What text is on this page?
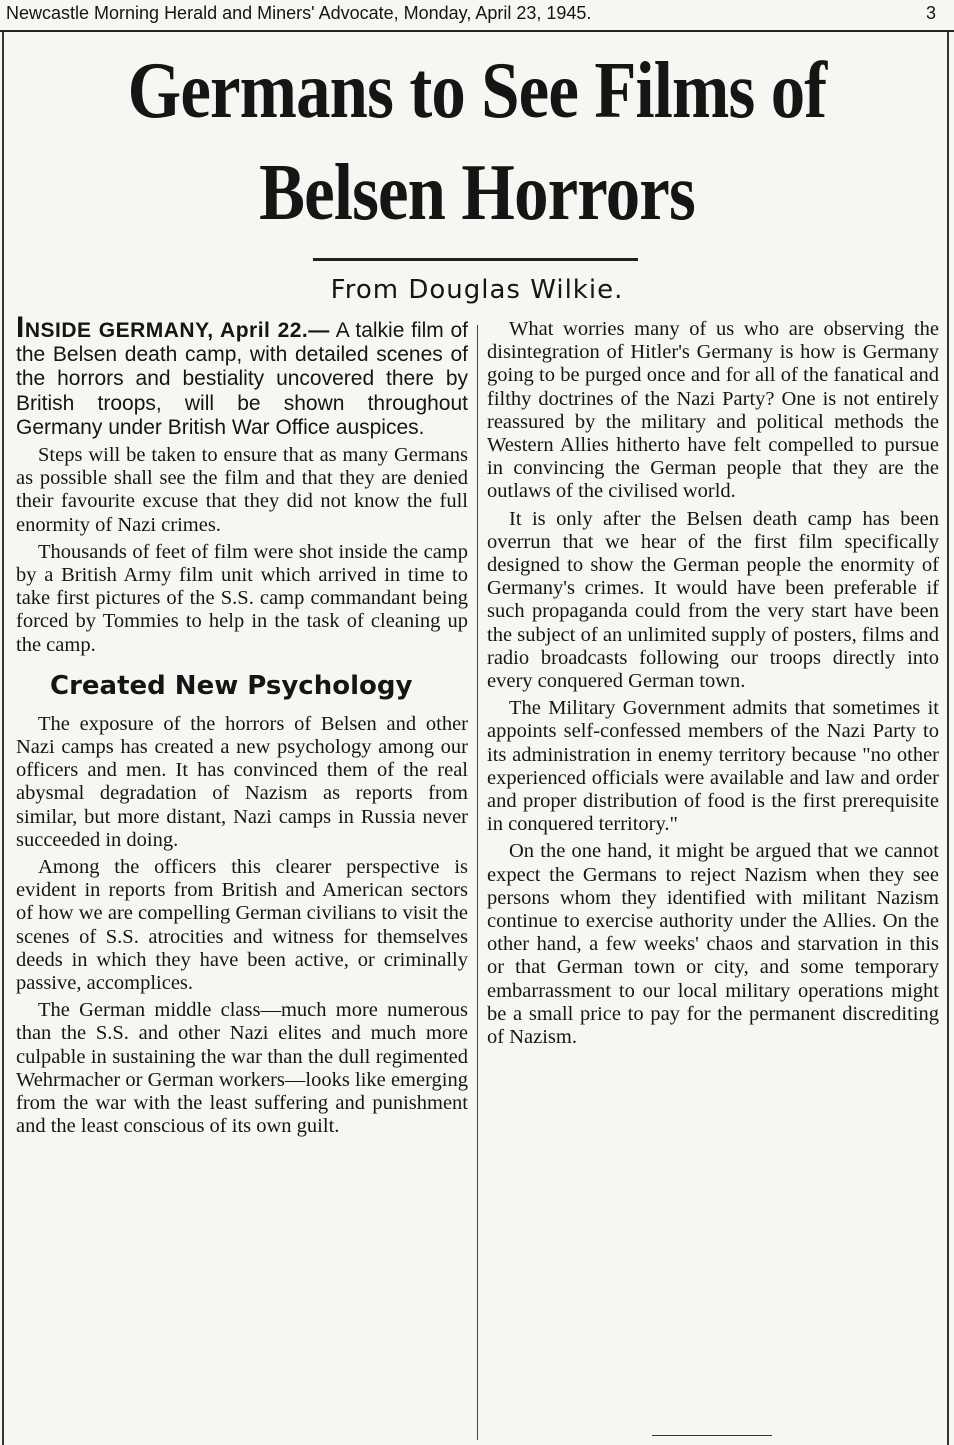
Newcastle Morning Herald and Miners' Advocate, Monday, April 23, 1945.	3
Germans to See Films of
Belsen Horrors
From Douglas Wilkie.

INSIDE GERMANY, April 22.— A talkie film of the Belsen death camp, with detailed scenes of the horrors and bestiality uncovered there by British troops, will be shown throughout Germany under British War Office auspices.

Steps will be taken to ensure that as many Germans as possible shall see the film and that they are denied their favourite excuse that they did not know the full enormity of Nazi crimes.

Thousands of feet of film were shot inside the camp by a British Army film unit which arrived in time to take first pictures of the S.S. camp commandant being forced by Tommies to help in the task of cleaning up the camp.

Created New Psychology

The exposure of the horrors of Belsen and other Nazi camps has created a new psychology among our officers and men. It has convinced them of the real abysmal degradation of Nazism as reports from similar, but more distant, Nazi camps in Russia never succeeded in doing.

Among the officers this clearer perspective is evident in reports from British and American sectors of how we are compelling German civilians to visit the scenes of S.S. atrocities and witness for themselves deeds in which they have been active, or criminally passive, accomplices.

The German middle class—much more numerous than the S.S. and other Nazi elites and much more culpable in sustaining the war than the dull regimented Wehrmacher or German workers—looks like emerging from the war with the least suffering and punishment and the least conscious of its own guilt.

What worries many of us who are observing the disintegration of Hitler's Germany is how is Germany going to be purged once and for all of the fanatical and filthy doctrines of the Nazi Party? One is not entirely reassured by the military and political methods the Western Allies hitherto have felt compelled to pursue in convincing the German people that they are the outlaws of the civilised world.

It is only after the Belsen death camp has been overrun that we hear of the first film specifically designed to show the German people the enormity of Germany's crimes. It would have been preferable if such propaganda could from the very start have been the subject of an unlimited supply of posters, films and radio broadcasts following our troops directly into every conquered German town.

The Military Government admits that sometimes it appoints self-confessed members of the Nazi Party to its administration in enemy territory because "no other experienced officials were available and law and order and proper distribution of food is the first prerequisite in conquered territory."

On the one hand, it might be argued that we cannot expect the Germans to reject Nazism when they see persons whom they identified with militant Nazism continue to exercise authority under the Allies. On the other hand, a few weeks' chaos and starvation in this or that German town or city, and some temporary embarrassment to our local military operations might be a small price to pay for the permanent discrediting of Nazism.
